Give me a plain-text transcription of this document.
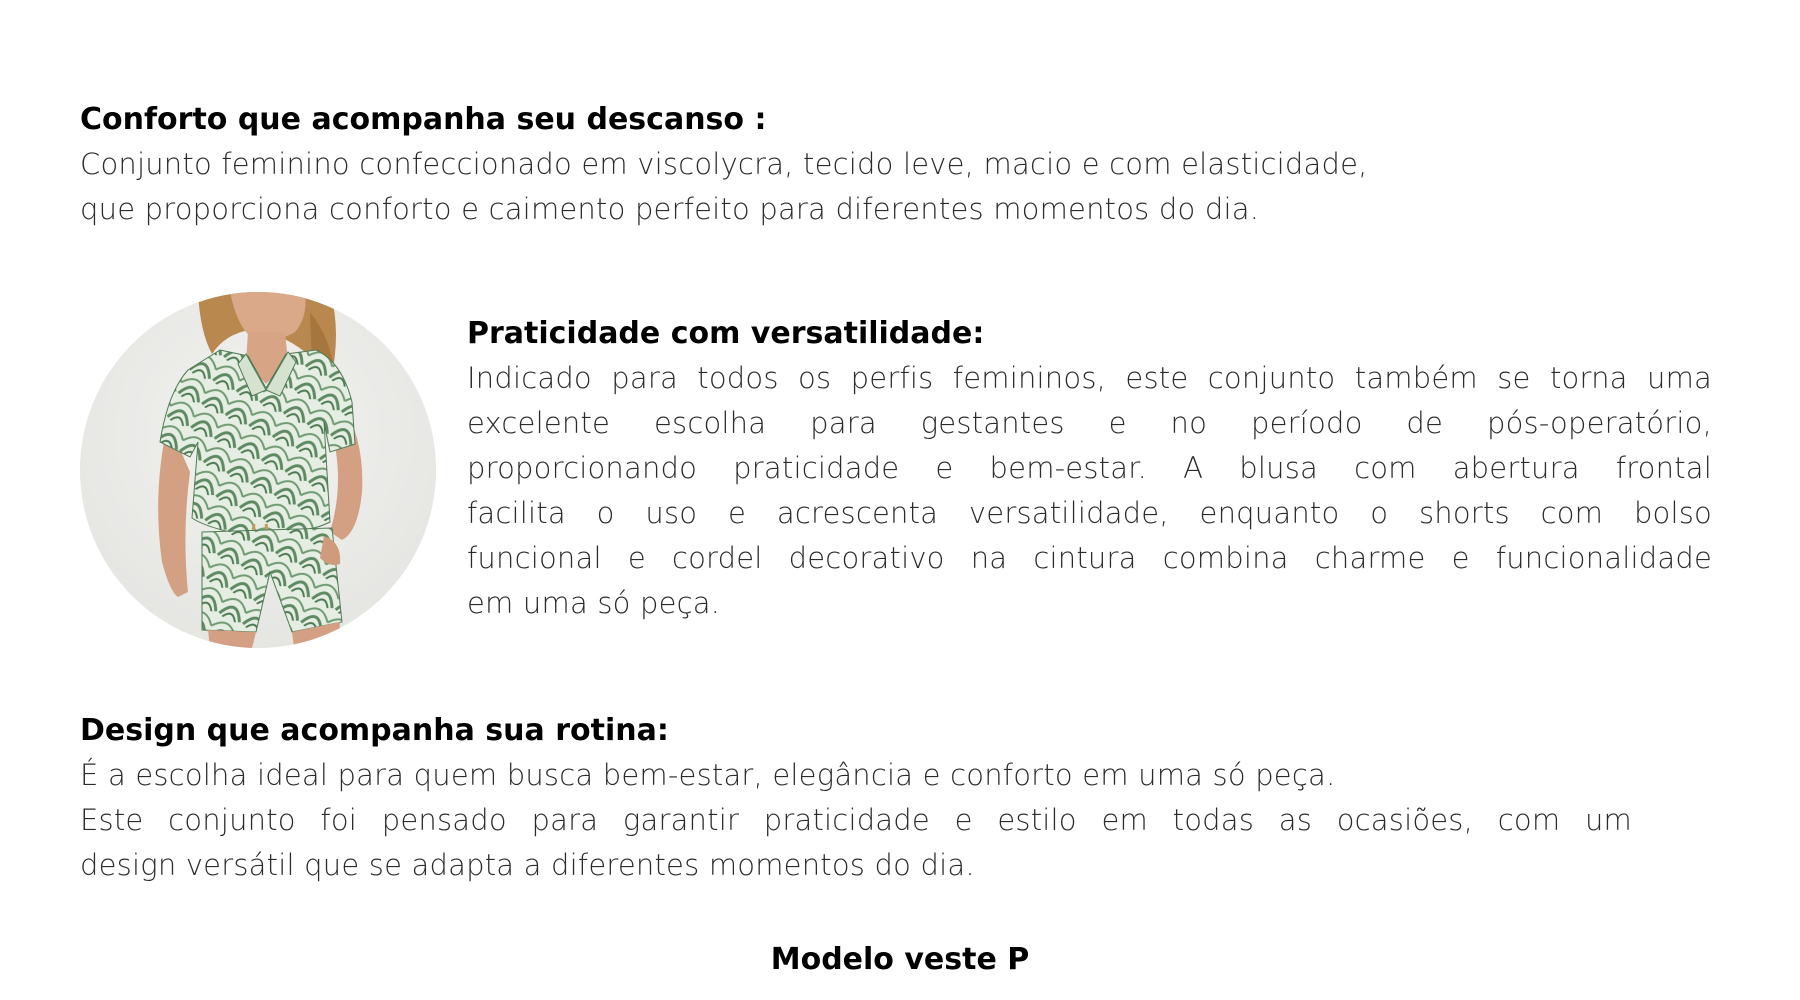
Conforto que acompanha seu descanso :
Conjunto feminino confeccionado em viscolycra, tecido leve, macio e com elasticidade,
que proporciona conforto e caimento perfeito para diferentes momentos do dia.
Praticidade com versatilidade:
Indicado para todos os perfis femininos, este conjunto também se torna uma
excelente escolha para gestantes e no período de pós-operatório,
proporcionando praticidade e bem-estar. A blusa com abertura frontal
facilita o uso e acrescenta versatilidade, enquanto o shorts com bolso
funcional e cordel decorativo na cintura combina charme e funcionalidade
em uma só peça.
Design que acompanha sua rotina:
É a escolha ideal para quem busca bem-estar, elegância e conforto em uma só peça.
Este conjunto foi pensado para garantir praticidade e estilo em todas as ocasiões, com um
design versátil que se adapta a diferentes momentos do dia.
Modelo veste P
